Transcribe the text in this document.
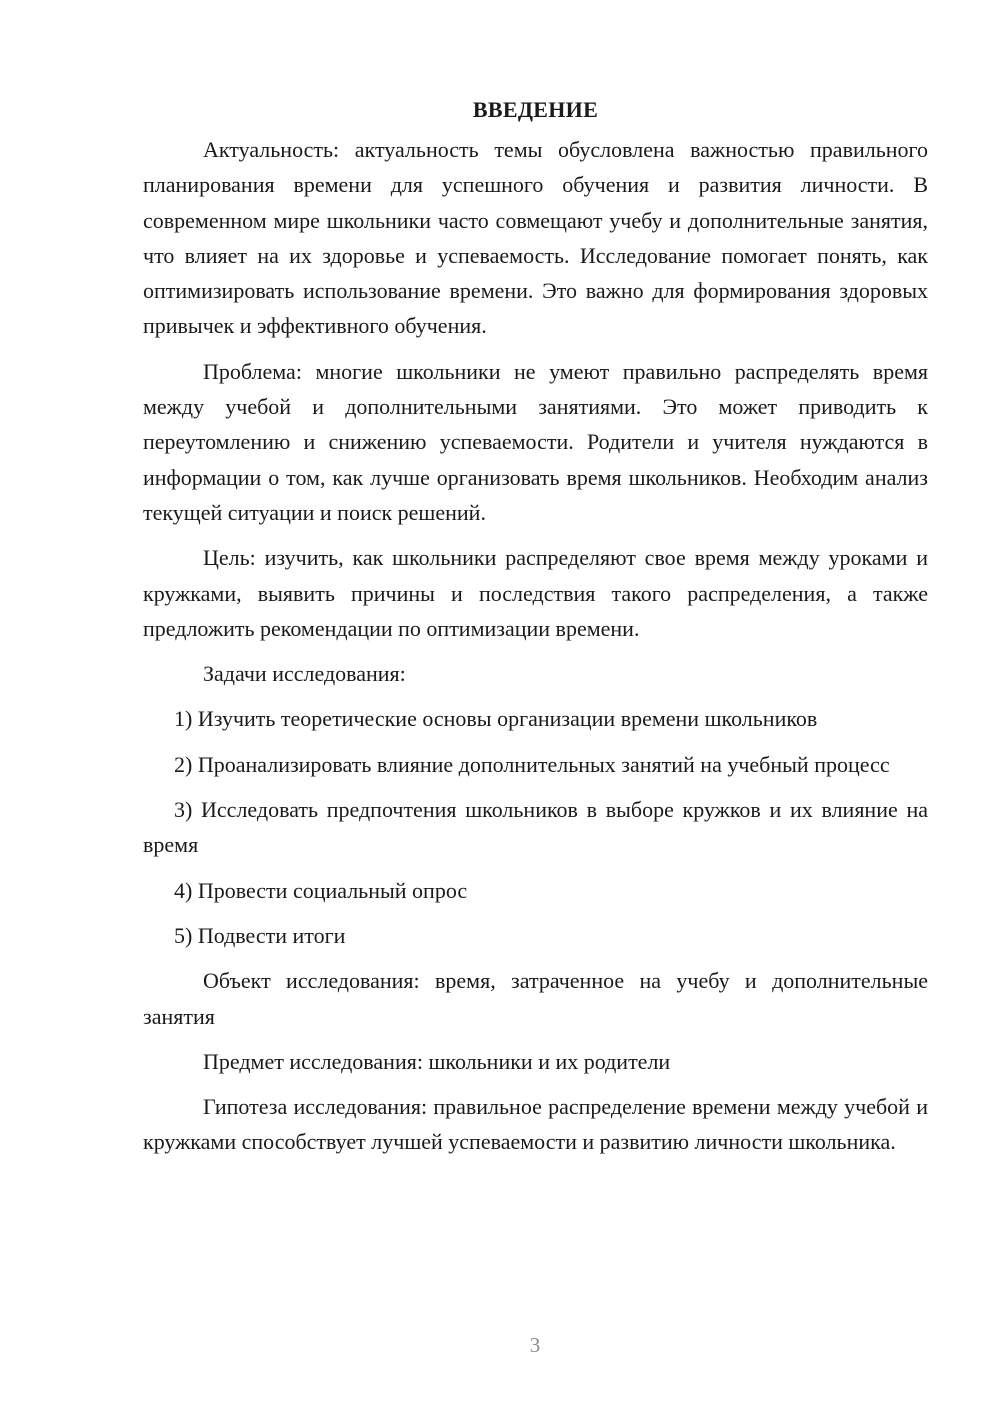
ВВЕДЕНИЕ

Актуальность: актуальность темы обусловлена важностью правильного планирования времени для успешного обучения и развития личности. В современном мире школьники часто совмещают учебу и дополнительные занятия, что влияет на их здоровье и успеваемость. Исследование помогает понять, как оптимизировать использование времени. Это важно для формирования здоровых привычек и эффективного обучения.

Проблема: многие школьники не умеют правильно распределять время между учебой и дополнительными занятиями. Это может приводить к переутомлению и снижению успеваемости. Родители и учителя нуждаются в информации о том, как лучше организовать время школьников. Необходим анализ текущей ситуации и поиск решений.

Цель: изучить, как школьники распределяют свое время между уроками и кружками, выявить причины и последствия такого распределения, а также предложить рекомендации по оптимизации времени.

Задачи исследования:

1) Изучить теоретические основы организации времени школьников

2) Проанализировать влияние дополнительных занятий на учебный процесс

3) Исследовать предпочтения школьников в выборе кружков и их влияние на время

4) Провести социальный опрос

5) Подвести итоги

Объект исследования: время, затраченное на учебу и дополнительные занятия

Предмет исследования: школьники и их родители

Гипотеза исследования: правильное распределение времени между учебой и кружками способствует лучшей успеваемости и развитию личности школьника.

3
